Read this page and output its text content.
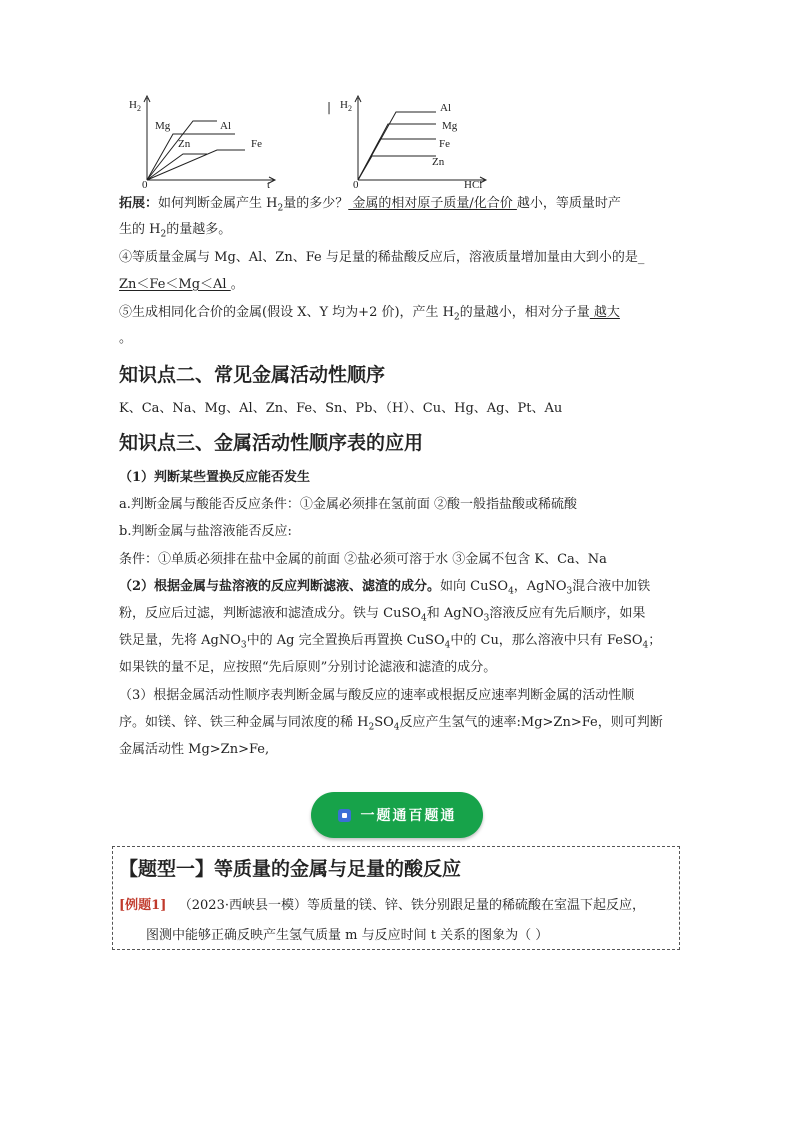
$H_2$
0	t
Mg	Al
Zn	Fe
| $H_2$
0	HCl
Al
Mg
Fe
Zn
拓展：如何判断金属产生 $H_2$量的多少？ 金属的相对原子质量/化合价 越小，等质量时产
生的 $H_2$的量越多。
④等质量金属与 Mg、Al、Zn、Fe 与足量的稀盐酸反应后，溶液质量增加量由大到小的是_
Zn＜Fe＜Mg＜Al 。
⑤生成相同化合价的金属(假设 X、Y 均为+2 价)，产生 $H_2$的量越小，相对分子量 越大
。
知识点二、常见金属活动性顺序
K、Ca、Na、Mg、Al、Zn、Fe、Sn、Pb、（H）、Cu、Hg、Ag、Pt、Au
知识点三、金属活动性顺序表的应用
（1）判断某些置换反应能否发生
a.判断金属与酸能否反应条件：①金属必须排在氢前面 ②酸一般指盐酸或稀硫酸
b.判断金属与盐溶液能否反应:
条件：①单质必须排在盐中金属的前面 ②盐必须可溶于水 ③金属不包含 K、Ca、Na
（2）根据金属与盐溶液的反应判断滤液、滤渣的成分。如向 CuSO$_4$，AgNO$_3$混合液中加铁
粉，反应后过滤，判断滤液和滤渣成分。铁与 CuSO$_4$和 AgNO$_3$溶液反应有先后顺序，如果
铁足量，先将 AgNO$_3$中的 Ag 完全置换后再置换 CuSO$_4$中的 Cu，那么溶液中只有 FeSO$_4$；
如果铁的量不足，应按照“先后原则”分别讨论滤液和滤渣的成分。
（3）根据金属活动性顺序表判断金属与酸反应的速率或根据反应速率判断金属的活动性顺
序。如镁、锌、铁三种金属与同浓度的稀 $H_2SO_4$反应产生氢气的速率:Mg>Zn>Fe，则可判断
金属活动性 Mg>Zn>Fe,
一题通百题通
【题型一】等质量的金属与足量的酸反应
[例题1] （2023·西峡县一模）等质量的镁、锌、铁分别跟足量的稀硫酸在室温下起反应，
图测中能够正确反映产生氢气质量 m 与反应时间 t 关系的图象为（ ）
